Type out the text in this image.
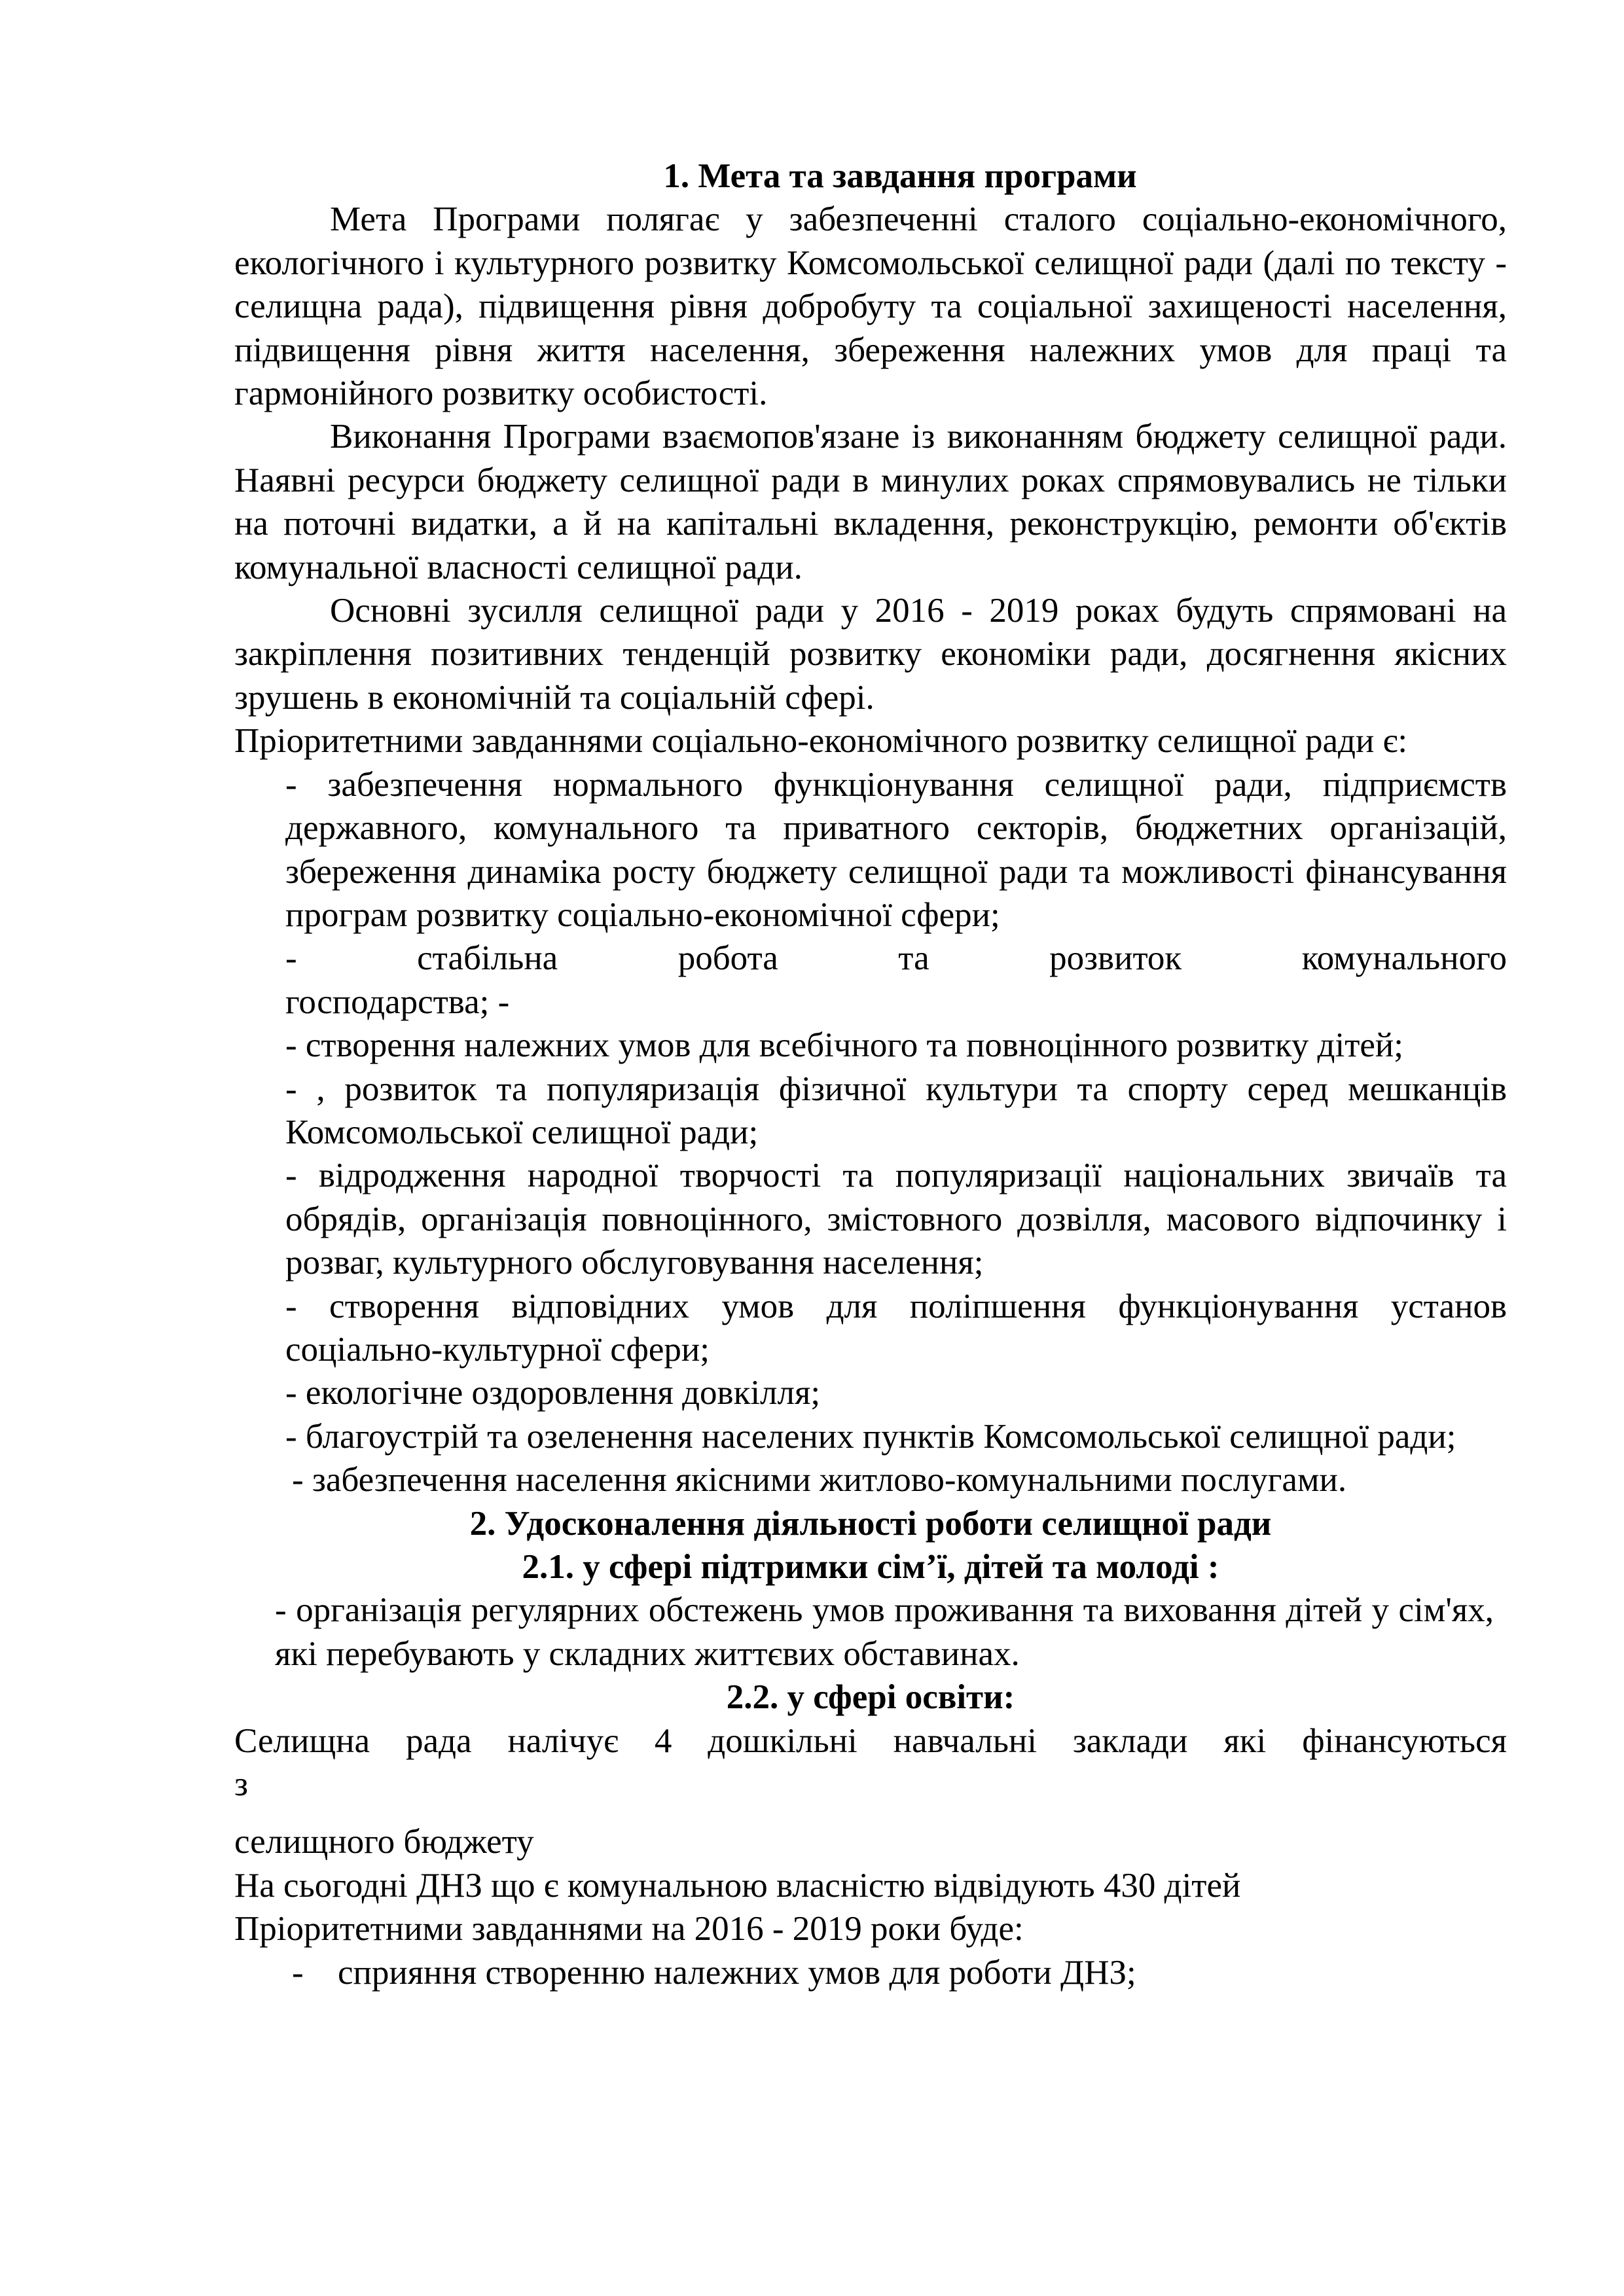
1. Мета та завдання програми

Мета Програми полягає у забезпеченні сталого соціально-економічного, екологічного і культурного розвитку Комсомольської селищної ради (далі по тексту - селищна рада), підвищення рівня добробуту та соціальної захищеності населення, підвищення рівня життя населення, збереження належних умов для праці та гармонійного розвитку особистості.

Виконання Програми взаємопов'язане із виконанням бюджету селищної ради. Наявні ресурси бюджету селищної ради в минулих роках спрямовувались не тільки на поточні видатки, а й на капітальні вкладення, реконструкцію, ремонти об'єктів комунальної власності селищної ради.

Основні зусилля селищної ради у 2016 - 2019 роках будуть спрямовані на закріплення позитивних тенденцій розвитку економіки ради, досягнення якісних зрушень в економічній та соціальній сфері.

Пріоритетними завданнями соціально-економічного розвитку селищної ради є:

- забезпечення нормального функціонування селищної ради, підприємств державного, комунального та приватного секторів, бюджетних організацій, збереження динаміка росту бюджету селищної ради та можливості фінансування програм розвитку соціально-економічної сфери;

- стабільна робота та розвиток комунального

господарства; -

- створення належних умов для всебічного та повноцінного розвитку дітей;

- , розвиток та популяризація фізичної культури та спорту серед мешканців Комсомольської селищної ради;

- відродження народної творчості та популяризації національних звичаїв та обрядів, організація повноцінного, змістовного дозвілля, масового відпочинку і розваг, культурного обслуговування населення;

- створення відповідних умов для поліпшення функціонування установ соціально-культурної сфери;

- екологічне оздоровлення довкілля;

- благоустрій та озеленення населених пунктів Комсомольської селищної ради;

- забезпечення населення якісними житлово-комунальними послугами.

2. Удосконалення діяльності роботи селищної ради

2.1. у сфері підтримки сім’ї, дітей та молоді :

- організація регулярних обстежень умов проживання та виховання дітей у сім'ях, які перебувають у складних життєвих обставинах.

2.2. у сфері освіти:

Селищна рада налічує 4 дошкільні навчальні заклади які фінансуються

з

селищного бюджету

На сьогодні ДНЗ що є комунальною власністю відвідують 430 дітей

Пріоритетними завданнями на 2016 - 2019 роки буде:

- сприяння створенню належних умов для роботи ДНЗ;
